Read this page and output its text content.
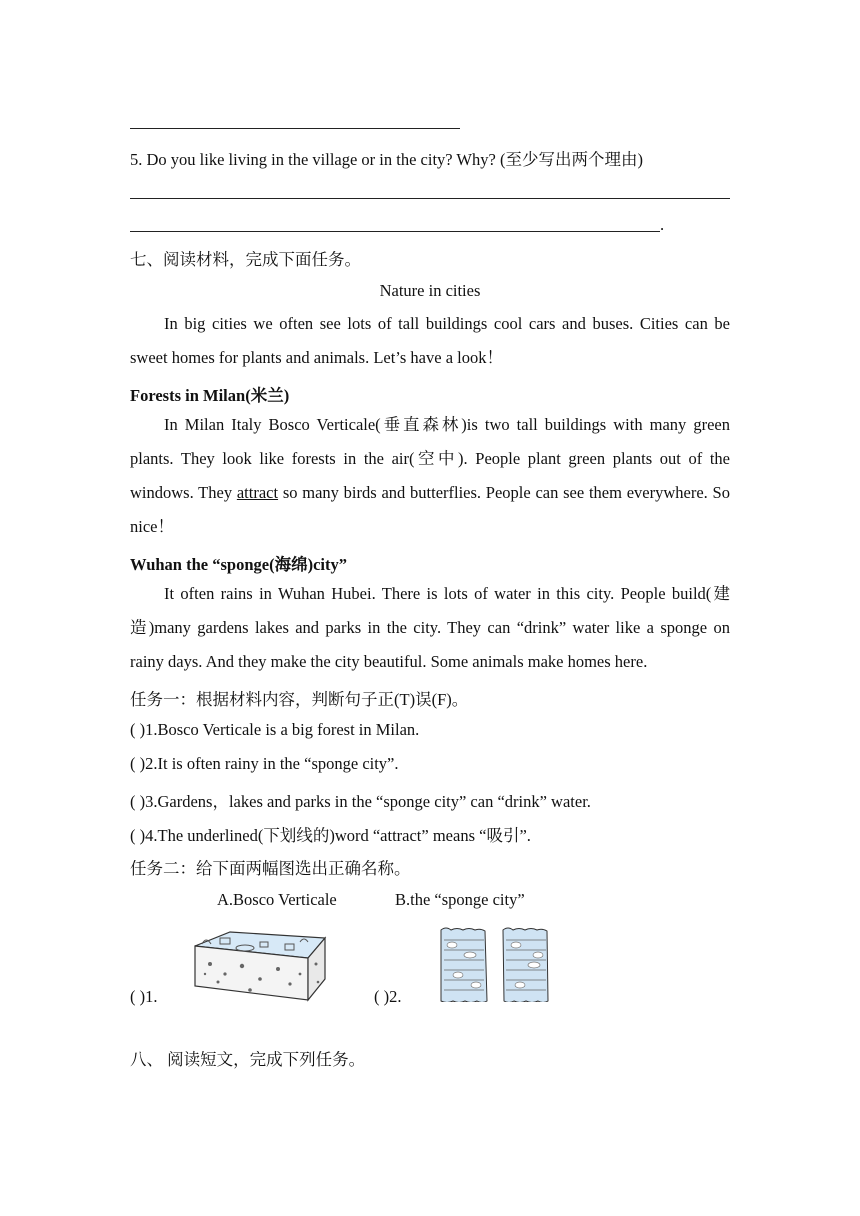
5. Do you like living in the village or in the city? Why? (至少写出两个理由)
.
七、阅读材料，完成下面任务。
Nature in cities
In big cities we often see lots of tall buildings cool cars and buses. Cities can be sweet homes for plants and animals. Let’s have a look！
Forests in Milan(米兰)
In Milan Italy Bosco Verticale(垂直森林)is two tall buildings with many green plants. They look like forests in the air(空中). People plant green plants out of the windows. They attract so many birds and butterflies. People can see them everywhere. So nice！
Wuhan the “sponge(海绵)city”
It often rains in Wuhan Hubei. There is lots of water in this city. People build(建造)many gardens lakes and parks in the city. They can “drink” water like a sponge on rainy days. And they make the city beautiful. Some animals make homes here.
任务一：根据材料内容，判断句子正(T)误(F)。
( )1.Bosco Verticale is a big forest in Milan.
( )2.It is often rainy in the “sponge city”.
( )3.Gardens，lakes and parks in the “sponge city” can “drink” water.
( )4.The underlined(下划线的)word “attract” means “吸引”.
任务二：给下面两幅图选出正确名称。
A.Bosco Verticale	B.the “sponge city”
( )1.	( )2.
八、 阅读短文，完成下列任务。
